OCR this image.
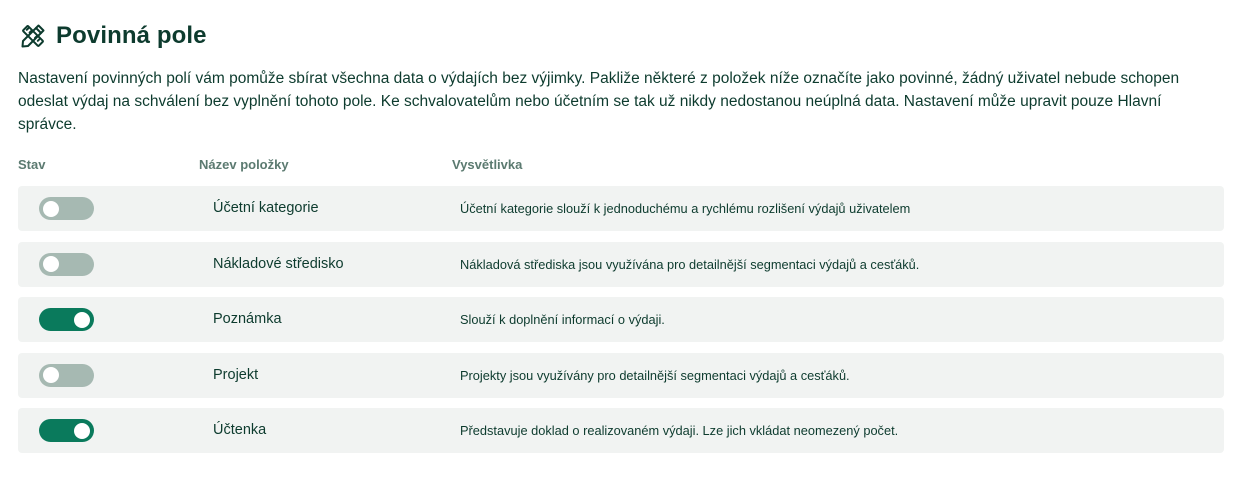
Povinná pole
Nastavení povinných polí vám pomůže sbírat všechna data o výdajích bez výjimky. Pakliže některé z položek níže označíte jako povinné, žádný uživatel nebude schopen odeslat výdaj na schválení bez vyplnění tohoto pole. Ke schvalovatelům nebo účetním se tak už nikdy nedostanou neúplná data. Nastavení může upravit pouze Hlavní správce.
Stav	Název položky	Vysvětlivka
Účetní kategorie	Účetní kategorie slouží k jednoduchému a rychlému rozlišení výdajů uživatelem
Nákladové středisko	Nákladová střediska jsou využívána pro detailnější segmentaci výdajů a cesťáků.
Poznámka	Slouží k doplnění informací o výdaji.
Projekt	Projekty jsou využívány pro detailnější segmentaci výdajů a cesťáků.
Účtenka	Představuje doklad o realizovaném výdaji. Lze jich vkládat neomezený počet.
